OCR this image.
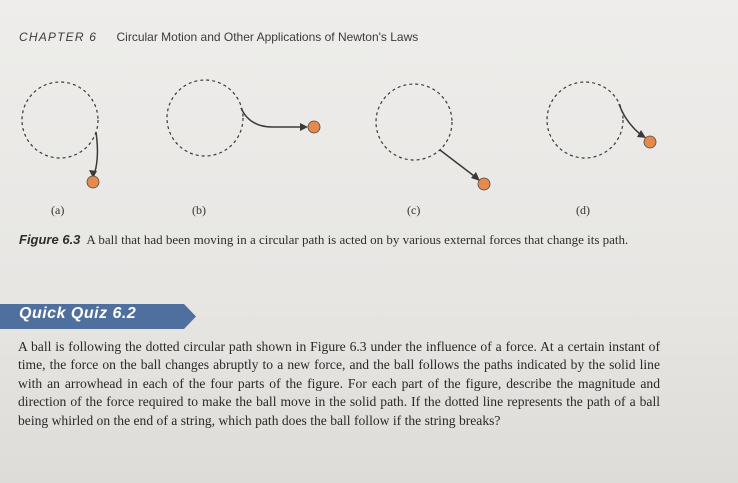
CHAPTER 6 Circular Motion and Other Applications of Newton's Laws
(a)	(b)	(c)	(d)
Figure 6.3 A ball that had been moving in a circular path is acted on by various external forces that change its path.
Quick Quiz 6.2
A ball is following the dotted circular path shown in Figure 6.3 under the influence of a force. At a certain instant of time, the force on the ball changes abruptly to a new force, and the ball follows the paths indicated by the solid line with an arrowhead in each of the four parts of the figure. For each part of the figure, describe the magnitude and direction of the force required to make the ball move in the solid path. If the dotted line represents the path of a ball being whirled on the end of a string, which path does the ball follow if the string breaks?
